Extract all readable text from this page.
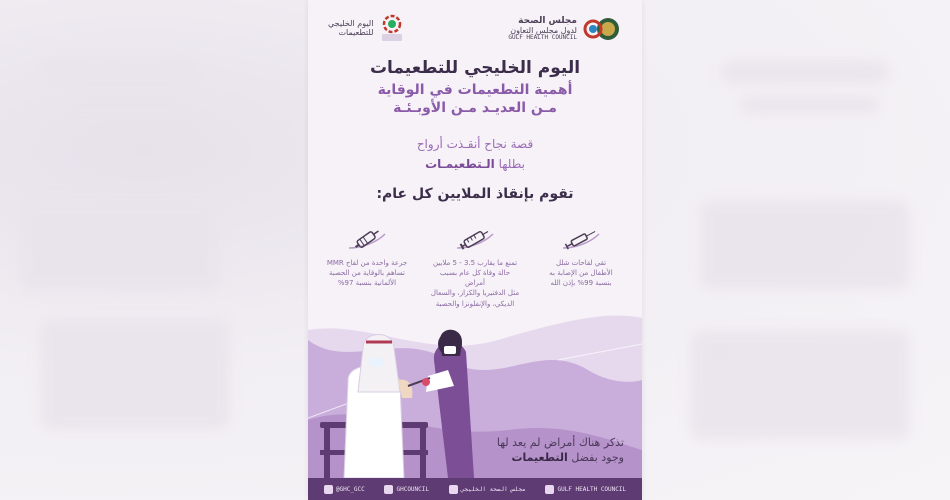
مجلس الصحة
لدول مجلس التعاون
GULF HEALTH COUNCIL
اليوم الخليجي
للتطعيمات
اليوم الخليجي للتطعيمات
أهمية التطعيمات في الوقاية
مـن العديـد مـن الأوبـئـة
قصة نجاح أنقـذت أرواح
بطلها الـتطعيمـات
تقوم بإنقاذ الملايين كل عام:

جرعة واحدة من لقاح MMR

تساهم بالوقاية من الحصبة

الألمانية بنسبة 97%

تمنع ما يقارب 3.5 - 5 ملايين

حالة وفاة كل عام بسبب أمراض

مثل الدفتيريا والكزاز، والسعال

الديكي، والإنفلونزا والحصبة

تقي لقاحات شلل

الأطفال من الإصابة به

بنسبة 99% بإذن الله

تذكر هناك أمراض لم يعد لها
وجود بفضل التطعيمات
@GHC_GCC	GHCOUNCIL	مجلس الصحة الخليجي	GULF HEALTH COUNCIL
